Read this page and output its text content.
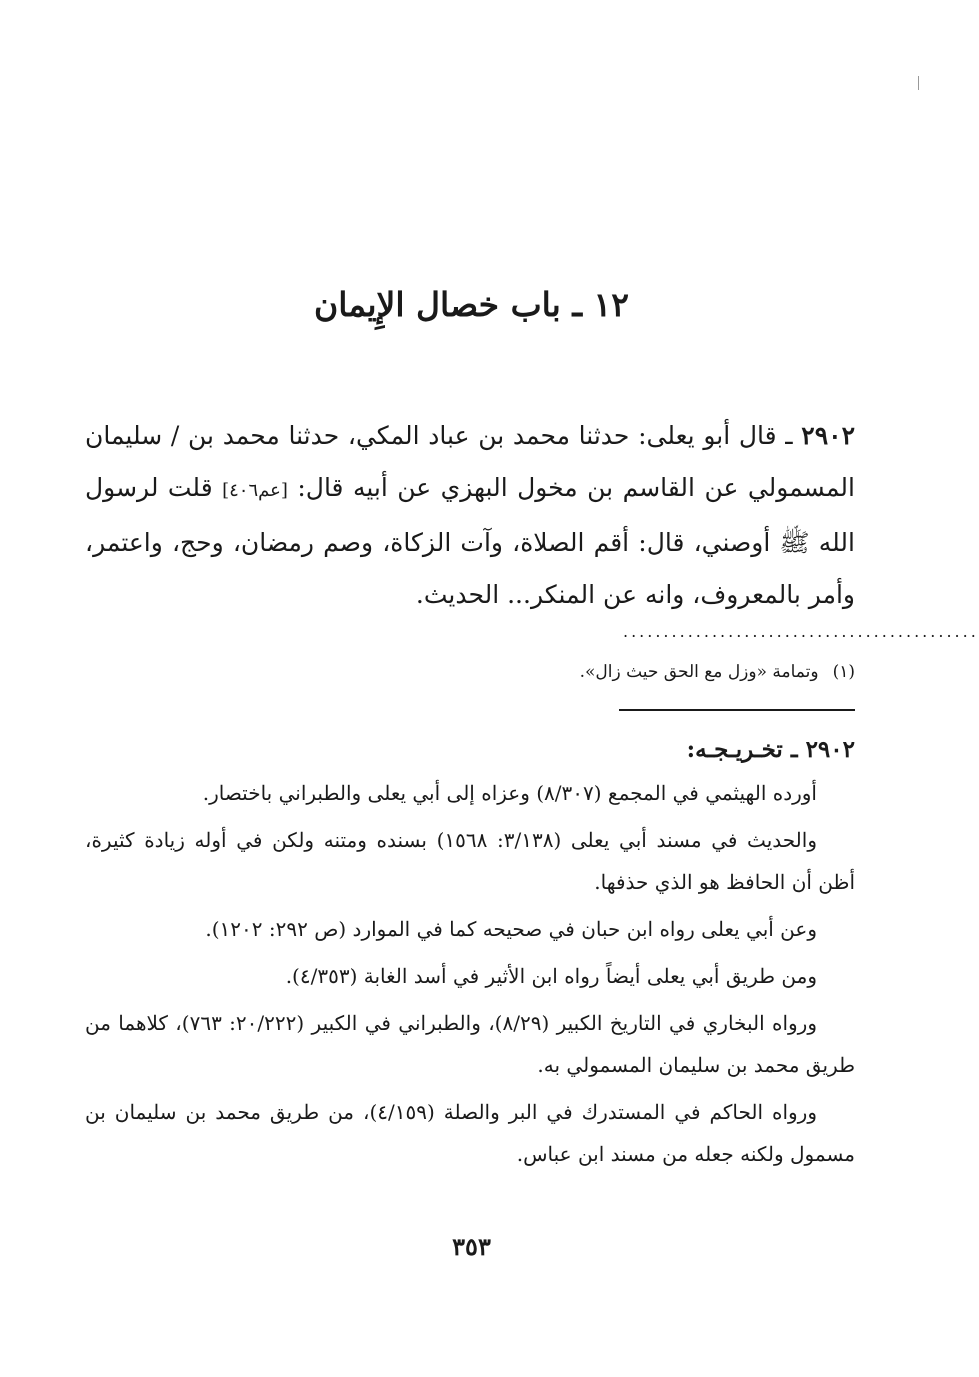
١٢ ـ باب خصال الإِيمان

٢٩٠٢ ـ قال أبو يعلى: حدثنا محمد بن عباد المكي، حدثنا محمد بن / سليمان المسمولي عن القاسم بن مخول البهزي عن أبيه قال: [عم٤٠٦] قلت لرسول الله ﷺ أوصني، قال: أقم الصلاة، وآت الزكاة، وصم رمضان، وحج، واعتمر، وأمر بالمعروف، وانه عن المنكر... الحديث.

............................................

(١)وتمامة «وزل مع الحق حيث زال».

٢٩٠٢ ـ تخـريـجـه:

أورده الهيثمي في المجمع (٨/٣٠٧) وعزاه إلى أبي يعلى والطبراني باختصار.

والحديث في مسند أبي يعلى (٣/١٣٨: ١٥٦٨) بسنده ومتنه ولكن في أوله زيادة كثيرة، أظن أن الحافظ هو الذي حذفها.

وعن أبي يعلى رواه ابن حبان في صحيحه كما في الموارد (ص ٢٩٢: ١٢٠٢).

ومن طريق أبي يعلى أيضاً رواه ابن الأثير في أسد الغابة (٤/٣٥٣).

ورواه البخاري في التاريخ الكبير (٨/٢٩)، والطبراني في الكبير (٢٠/٢٢٢: ٧٦٣)، كلاهما من طريق محمد بن سليمان المسمولي به.

ورواه الحاكم في المستدرك في البر والصلة (٤/١٥٩)، من طريق محمد بن سليمان بن مسمول ولكنه جعله من مسند ابن عباس.

٣٥٣
